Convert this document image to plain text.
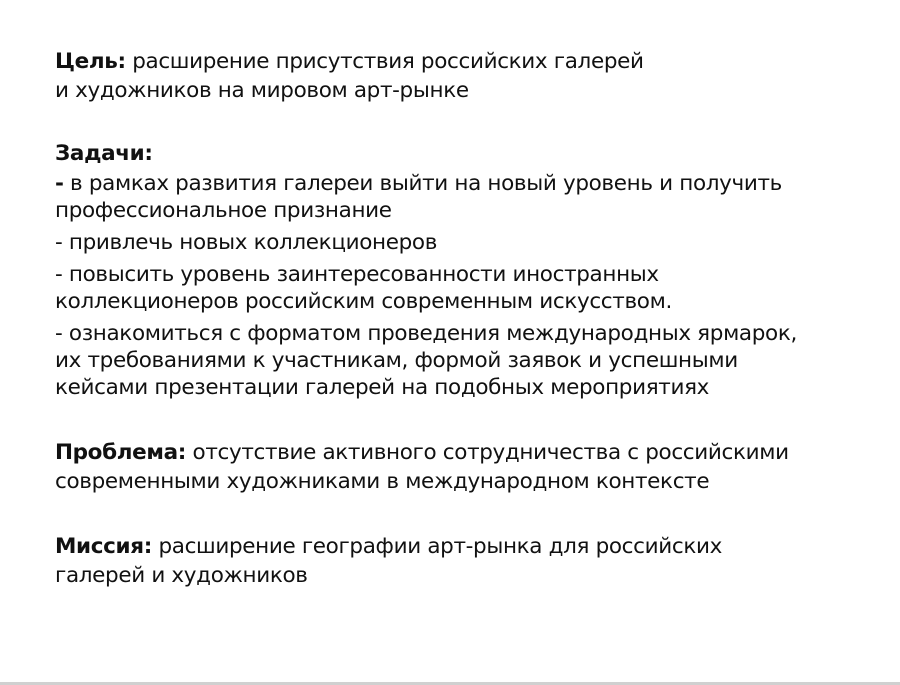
Цель: расширение присутствия российских галерей
и художников на мировом арт-рынке
Задачи:
- в рамках развития галереи выйти на новый уровень и получить
профессиональное признание
- привлечь новых коллекционеров
- повысить уровень заинтересованности иностранных
коллекционеров российским современным искусством.
- ознакомиться с форматом проведения международных ярмарок,
их требованиями к участникам, формой заявок и успешными
кейсами презентации галерей на подобных мероприятиях
Проблема: отсутствие активного сотрудничества с российскими
современными художниками в международном контексте
Миссия: расширение географии арт-рынка для российских
галерей и художников
